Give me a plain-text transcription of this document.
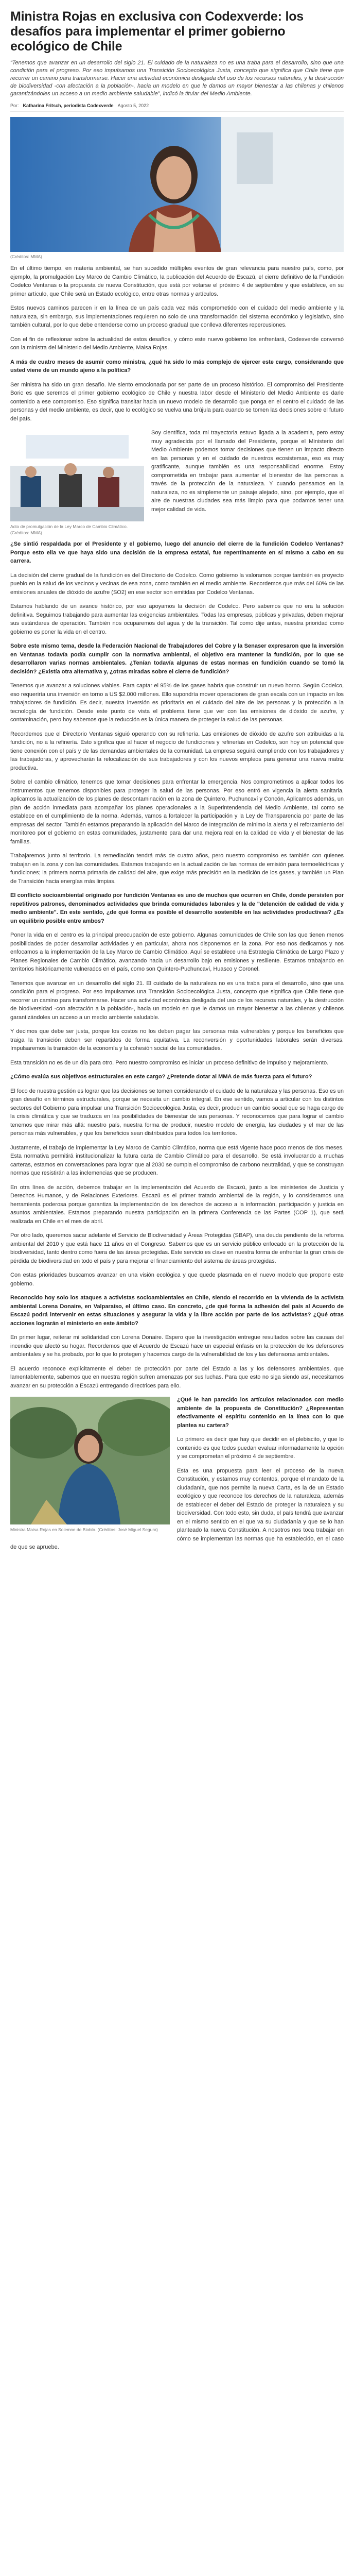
Ministra Rojas en exclusiva con Codexverde: los desafíos para implementar el primer gobierno ecológico de Chile

“Tenemos que avanzar en un desarrollo del siglo 21. El cuidado de la naturaleza no es una traba para el desarrollo, sino que una condición para el progreso. Por eso impulsamos una Transición Socioecológica Justa, concepto que significa que Chile tiene que recorrer un camino para transformarse. Hacer una actividad económica desligada del uso de los recursos naturales, y la destrucción de biodiversidad -con afectación a la población-, hacia un modelo en que le damos un mayor bienestar a las chilenas y chilenos garantizándoles un acceso a un medio ambiente saludable”, indicó la titular del Medio Ambiente.

Por: Katharina Fritsch, periodista Codexverde Agosto 5, 2022
(Créditos: MMA)

En el último tiempo, en materia ambiental, se han sucedido múltiples eventos de gran relevancia para nuestro país, como, por ejemplo, la promulgación Ley Marco de Cambio Climático, la publicación del Acuerdo de Escazú, el cierre definitivo de la Fundición Codelco Ventanas o la propuesta de nueva Constitución, que está por votarse el próximo 4 de septiembre y que establece, en su primer artículo, que Chile será un Estado ecológico, entre otras normas y artículos.

Estos nuevos caminos parecen ir en la línea de un país cada vez más comprometido con el cuidado del medio ambiente y la naturaleza, sin embargo, sus implementaciones requieren no solo de una transformación del sistema económico y legislativo, sino también cultural, por lo que debe entenderse como un proceso gradual que conlleva diferentes repercusiones.

Con el fin de reflexionar sobre la actualidad de estos desafíos, y cómo este nuevo gobierno los enfrentará, Codexverde conversó con la ministra del Ministerio del Medio Ambiente, Maisa Rojas.

A más de cuatro meses de asumir como ministra, ¿qué ha sido lo más complejo de ejercer este cargo, considerando que usted viene de un mundo ajeno a la política?

Ser ministra ha sido un gran desafío. Me siento emocionada por ser parte de un proceso histórico. El compromiso del Presidente Boric es que seremos el primer gobierno ecológico de Chile y nuestra labor desde el Ministerio del Medio Ambiente es darle contenido a ese compromiso. Eso significa transitar hacia un nuevo modelo de desarrollo que ponga en el centro el cuidado de las personas y del medio ambiente, es decir, que lo ecológico se vuelva una brújula para cuando se tomen las decisiones sobre el futuro del país.

Acto de promulgación de la Ley Marco de Cambio Climático. (Créditos: MMA)

Soy científica, toda mi trayectoria estuvo ligada a la academia, pero estoy muy agradecida por el llamado del Presidente, porque el Ministerio del Medio Ambiente podemos tomar decisiones que tienen un impacto directo en las personas y en el cuidado de nuestros ecosistemas, eso es muy gratificante, aunque también es una responsabilidad enorme. Estoy comprometida en trabajar para aumentar el bienestar de las personas a través de la protección de la naturaleza. Y cuando pensamos en la naturaleza, no es simplemente un paisaje alejado, sino, por ejemplo, que el aire de nuestras ciudades sea más limpio para que podamos tener una mejor calidad de vida.

¿Se sintió respaldada por el Presidente y el gobierno, luego del anuncio del cierre de la fundición Codelco Ventanas? Porque esto ella ve que haya sido una decisión de la empresa estatal, fue repentinamente en sí mismo a cabo en su carrera.

La decisión del cierre gradual de la fundición es del Directorio de Codelco. Como gobierno la valoramos porque también es proyecto pueblo en la salud de los vecinos y vecinas de esa zona, como también en el medio ambiente. Recordemos que más del 60% de las emisiones anuales de dióxido de azufre (SO2) en ese sector son emitidas por Codelco Ventanas.

Estamos hablando de un avance histórico, por eso apoyamos la decisión de Codelco. Pero sabemos que no era la solución definitiva. Seguimos trabajando para aumentar las exigencias ambientales. Todas las empresas, públicas y privadas, deben mejorar sus estándares de operación. También nos ocuparemos del agua y de la transición. Tal como dije antes, nuestra prioridad como gobierno es poner la vida en el centro.

Sobre este mismo tema, desde la Federación Nacional de Trabajadores del Cobre y la Senaser expresaron que la inversión en Ventanas todavía podía cumplir con la normativa ambiental, el objetivo era mantener la fundición, por lo que se desarrollaron varias normas ambientales. ¿Tenían todavía algunas de estas normas en fundición cuando se tomó la decisión? ¿Existía otra alternativa y, ¿otras miradas sobre el cierre de fundición?

Tenemos que avanzar a soluciones viables. Para captar el 95% de los gases habría que construir un nuevo horno. Según Codelco, eso requeriría una inversión en torno a US $2.000 millones. Ello supondría mover operaciones de gran escala con un impacto en los trabajadores de fundición. Es decir, nuestra inversión es prioritaria en el cuidado del aire de las personas y la protección a la tecnología de fundición. Desde este punto de vista el problema tiene que ver con las emisiones de dióxido de azufre, y contaminación, pero hoy sabemos que la reducción es la única manera de proteger la salud de las personas.

Recordemos que el Directorio Ventanas siguió operando con su refinería. Las emisiones de dióxido de azufre son atribuidas a la fundición, no a la refinería. Esto significa que al hacer el negocio de fundiciones y refinerías en Codelco, son hoy un potencial que tiene conexión con el país y de las demandas ambientales de la comunidad. La empresa seguirá cumpliendo con los trabajadores y las trabajadoras, y aprovecharán la relocalización de sus trabajadores y con los nuevos empleos para generar una nueva matriz productiva.

Sobre el cambio climático, tenemos que tomar decisiones para enfrentar la emergencia. Nos comprometimos a aplicar todos los instrumentos que tenemos disponibles para proteger la salud de las personas. Por eso entró en vigencia la alerta sanitaria, aplicamos la actualización de los planes de descontaminación en la zona de Quintero, Puchuncaví y Concón, Aplicamos además, un plan de acción inmediata para acompañar los planes operacionales a la Superintendencia del Medio Ambiente, tal como se establece en el cumplimiento de la norma. Además, vamos a fortalecer la participación y la Ley de Transparencia por parte de las empresas del sector. También estamos preparando la aplicación del Marco de Integración de mínimo la alerta y el reforzamiento del monitoreo por el gobierno en estas comunidades, justamente para dar una mejora real en la calidad de vida y el bienestar de las familias.

Trabajaremos junto al territorio. La remediación tendrá más de cuatro años, pero nuestro compromiso es también con quienes trabajan en la zona y con las comunidades. Estamos trabajando en la actualización de las normas de emisión para termoeléctricas y fundiciones; la primera norma primaria de calidad del aire, que exige más precisión en la medición de los gases, y también un Plan de Transición hacia energías más limpias.

El conflicto socioambiental originado por fundición Ventanas es uno de muchos que ocurren en Chile, donde persisten por repetitivos patrones, denominados actividades que brinda comunidades laborales y la de "detención de calidad de vida y medio ambiente". En este sentido, ¿de qué forma es posible el desarrollo sostenible en las actividades productivas? ¿Es un equilibrio posible entre ambos?

Poner la vida en el centro es la principal preocupación de este gobierno. Algunas comunidades de Chile son las que tienen menos posibilidades de poder desarrollar actividades y en particular, ahora nos disponemos en la zona. Por eso nos dedicamos y nos enfocamos a la implementación de la Ley Marco de Cambio Climático. Aquí se establece una Estrategia Climática de Largo Plazo y Planes Regionales de Cambio Climático, avanzando hacia un desarrollo bajo en emisiones y resiliente. Estamos trabajando en territorios históricamente vulnerados en el país, como son Quintero-Puchuncaví, Huasco y Coronel.

Tenemos que avanzar en un desarrollo del siglo 21. El cuidado de la naturaleza no es una traba para el desarrollo, sino que una condición para el progreso. Por eso impulsamos una Transición Socioecológica Justa, concepto que significa que Chile tiene que recorrer un camino para transformarse. Hacer una actividad económica desligada del uso de los recursos naturales, y la destrucción de biodiversidad -con afectación a la población-, hacia un modelo en que le damos un mayor bienestar a las chilenas y chilenos garantizándoles un acceso a un medio ambiente saludable.

Y decimos que debe ser justa, porque los costos no los deben pagar las personas más vulnerables y porque los beneficios que traiga la transición deben ser repartidos de forma equitativa. La reconversión y oportunidades laborales serán diversas. Impulsaremos la transición de la economía y la cohesión social de las comunidades.

Esta transición no es de un día para otro. Pero nuestro compromiso es iniciar un proceso definitivo de impulso y mejoramiento.

¿Cómo evalúa sus objetivos estructurales en este cargo? ¿Pretende dotar al MMA de más fuerza para el futuro?

El foco de nuestra gestión es lograr que las decisiones se tomen considerando el cuidado de la naturaleza y las personas. Eso es un gran desafío en términos estructurales, porque se necesita un cambio integral. En ese sentido, vamos a articular con los distintos sectores del Gobierno para impulsar una Transición Socioecológica Justa, es decir, producir un cambio social que se haga cargo de la crisis climática y que se traduzca en las posibilidades de bienestar de sus personas. Y reconocemos que para lograr el cambio tenemos que mirar más allá: nuestro país, nuestra forma de producir, nuestro modelo de energía, las ciudades y el mar de las personas más vulnerables, y que los beneficios sean distribuidos para todos los territorios.

Justamente, el trabajo de implementar la Ley Marco de Cambio Climático, norma que está vigente hace poco menos de dos meses. Esta normativa permitirá institucionalizar la futura carta de Cambio Climático para el desarrollo. Se está involucrando a muchas carteras, estamos en conversaciones para lograr que al 2030 se cumpla el compromiso de carbono neutralidad, y que se construyan normas que resistirán a las inclemencias que se producen.

En otra línea de acción, debemos trabajar en la implementación del Acuerdo de Escazú, junto a los ministerios de Justicia y Derechos Humanos, y de Relaciones Exteriores. Escazú es el primer tratado ambiental de la región, y lo consideramos una herramienta poderosa porque garantiza la implementación de los derechos de acceso a la información, participación y justicia en asuntos ambientales. Estamos preparando nuestra participación en la primera Conferencia de las Partes (COP 1), que será realizada en Chile en el mes de abril.

Por otro lado, queremos sacar adelante el Servicio de Biodiversidad y Áreas Protegidas (SBAP), una deuda pendiente de la reforma ambiental del 2010 y que está hace 11 años en el Congreso. Sabemos que es un servicio público enfocado en la protección de la biodiversidad, tanto dentro como fuera de las áreas protegidas. Este servicio es clave en nuestra forma de enfrentar la gran crisis de pérdida de biodiversidad en todo el país y para mejorar el financiamiento del sistema de áreas protegidas.

Con estas prioridades buscamos avanzar en una visión ecológica y que quede plasmada en el nuevo modelo que propone este gobierno.

Reconocido hoy solo los ataques a activistas socioambientales en Chile, siendo el recorrido en la vivienda de la activista ambiental Lorena Donaire, en Valparaíso, el último caso. En concreto, ¿de qué forma la adhesión del país al Acuerdo de Escazú podrá intervenir en estas situaciones y asegurar la vida y la libre acción por parte de los activistas? ¿Qué otras acciones lograrán el ministerio en este ámbito?

En primer lugar, reiterar mi solidaridad con Lorena Donaire. Espero que la investigación entregue resultados sobre las causas del incendio que afectó su hogar. Recordemos que el Acuerdo de Escazú hace un especial énfasis en la protección de los defensores ambientales y se ha probado, por lo que lo protegen y hacemos cargo de la vulnerabilidad de los y las defensoras ambientales.

El acuerdo reconoce explícitamente el deber de protección por parte del Estado a las y los defensores ambientales, que lamentablemente, sabemos que en nuestra región sufren amenazas por sus luchas. Para que esto no siga siendo así, necesitamos avanzar en su protección a Escazú entregando directrices para ello.

Ministra Maisa Rojas en Solemne de Biobío. (Créditos: José Miguel Segura)

¿Qué le han parecido los artículos relacionados con medio ambiente de la propuesta de Constitución? ¿Representan efectivamente el espíritu contenido en la línea con lo que plantea su cartera?

Lo primero es decir que hay que decidir en el plebiscito, y que lo contenido es que todos puedan evaluar informadamente la opción y se comprometan el próximo 4 de septiembre.

Esta es una propuesta para leer el proceso de la nueva Constitución, y estamos muy contentos, porque el mandato de la ciudadanía, que nos permite la nueva Carta, es la de un Estado ecológico y que reconoce los derechos de la naturaleza, además de establecer el deber del Estado de proteger la naturaleza y su biodiversidad. Con todo esto, sin duda, el país tendrá que avanzar en el mismo sentido en el que va su ciudadanía y que se lo han planteado la nueva Constitución. A nosotros nos toca trabajar en cómo se implementan las normas que ha establecido, en el caso de que se apruebe.
